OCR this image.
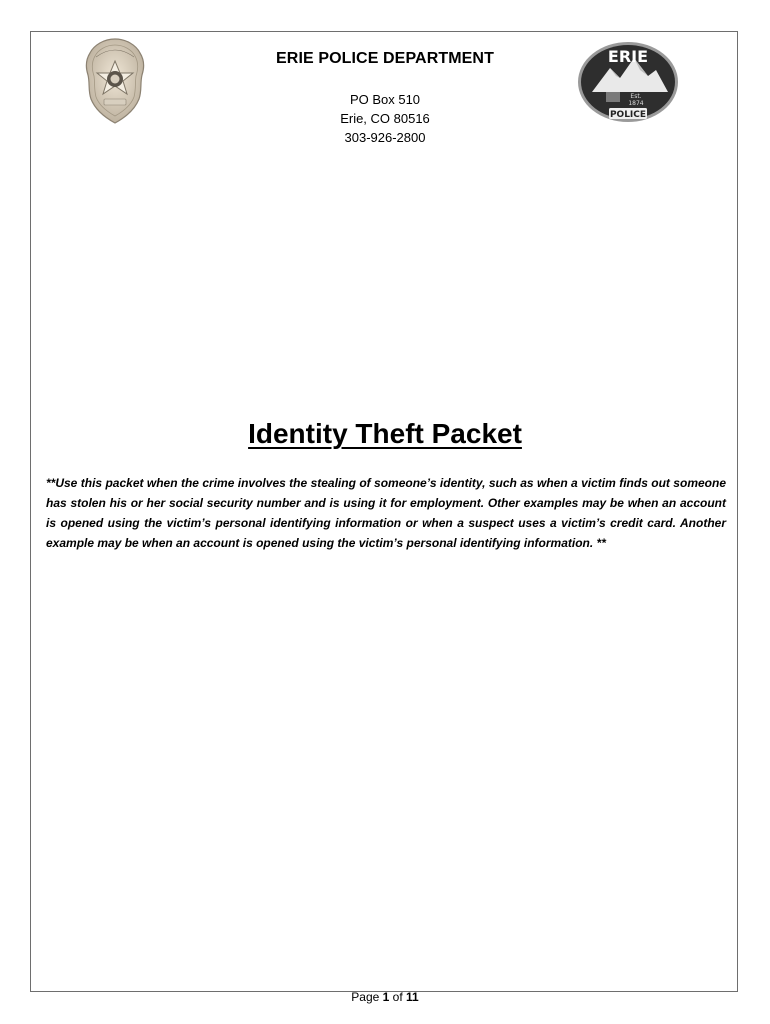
ERIE
Est.
1874
POLICE
ERIE POLICE DEPARTMENT
PO Box 510
Erie, CO 80516
303-926-2800
Identity Theft Packet

**Use this packet when the crime involves the stealing of someone’s identity, such as when a victim finds out someone has stolen his or her social security number and is using it for employment. Other examples may be when an account is opened using the victim’s personal identifying information or when a suspect uses a victim’s credit card. Another example may be when an account is opened using the victim’s personal identifying information. **

Page 1 of 11
